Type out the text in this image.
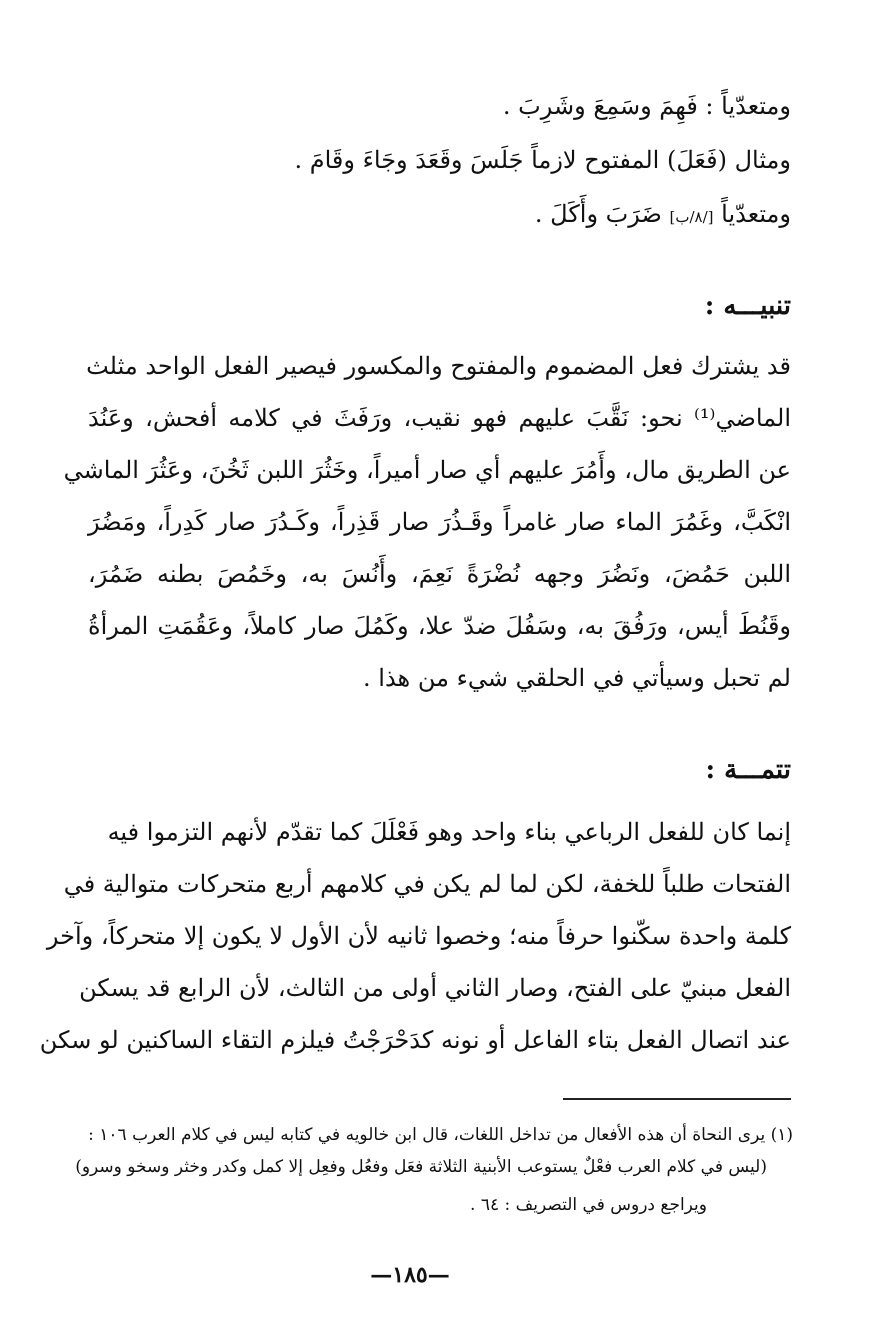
ومتعدّياً : فَهِمَ وسَمِعَ وشَرِبَ .
ومثال (فَعَلَ) المفتوح لازماً جَلَسَ وقَعَدَ وجَاءَ وقَامَ .
ومتعدّياً [/٨/ب] ضَرَبَ وأَكَلَ .
تنبيـــه :
قد يشترك فعل المضموم والمفتوح والمكسور فيصير الفعل الواحد مثلث
الماضي⁽¹⁾ نحو: نَقَّبَ عليهم فهو نقيب، ورَفَثَ في كلامه أفحش، وعَنُدَ
عن الطريق مال، وأَمُرَ عليهم أي صار أميراً، وخَثُرَ اللبن ثَخُنَ، وعَثُرَ الماشي
انْكَبَّ، وغَمُرَ الماء صار غامراً وقَـذُرَ صار قَذِراً، وكَـدُرَ صار كَدِراً، ومَضُرَ
اللبن حَمُضَ، ونَضُرَ وجهه نُضْرَةً نَعِمَ، وأَنُسَ به، وخَمُصَ بطنه ضَمُرَ،
وقَنُطَ أيس، ورَفُقَ به، وسَفُلَ ضدّ علا، وكَمُلَ صار كاملاً، وعَقُمَتِ المرأةُ
لم تحبل وسيأتي في الحلقي شيء من هذا .
تتمـــة :
إنما كان للفعل الرباعي بناء واحد وهو فَعْلَلَ كما تقدّم لأنهم التزموا فيه
الفتحات طلباً للخفة، لكن لما لم يكن في كلامهم أربع متحركات متوالية في
كلمة واحدة سكّنوا حرفاً منه؛ وخصوا ثانيه لأن الأول لا يكون إلا متحركاً، وآخر
الفعل مبنيّ على الفتح، وصار الثاني أولى من الثالث، لأن الرابع قد يسكن
عند اتصال الفعل بتاء الفاعل أو نونه كدَحْرَجْتُ فيلزم التقاء الساكنين لو سكن
(١) يرى النحاة أن هذه الأفعال من تداخل اللغات، قال ابن خالويه في كتابه ليس في كلام العرب ١٠٦ :
(ليس في كلام العرب فعْلٌ يستوعب الأبنية الثلاثة فعَل وفعُل وفعِل إلا كمل وكدر وخثر وسخو وسرو)
ويراجع دروس في التصريف : ٦٤ .
—١٨٥—
